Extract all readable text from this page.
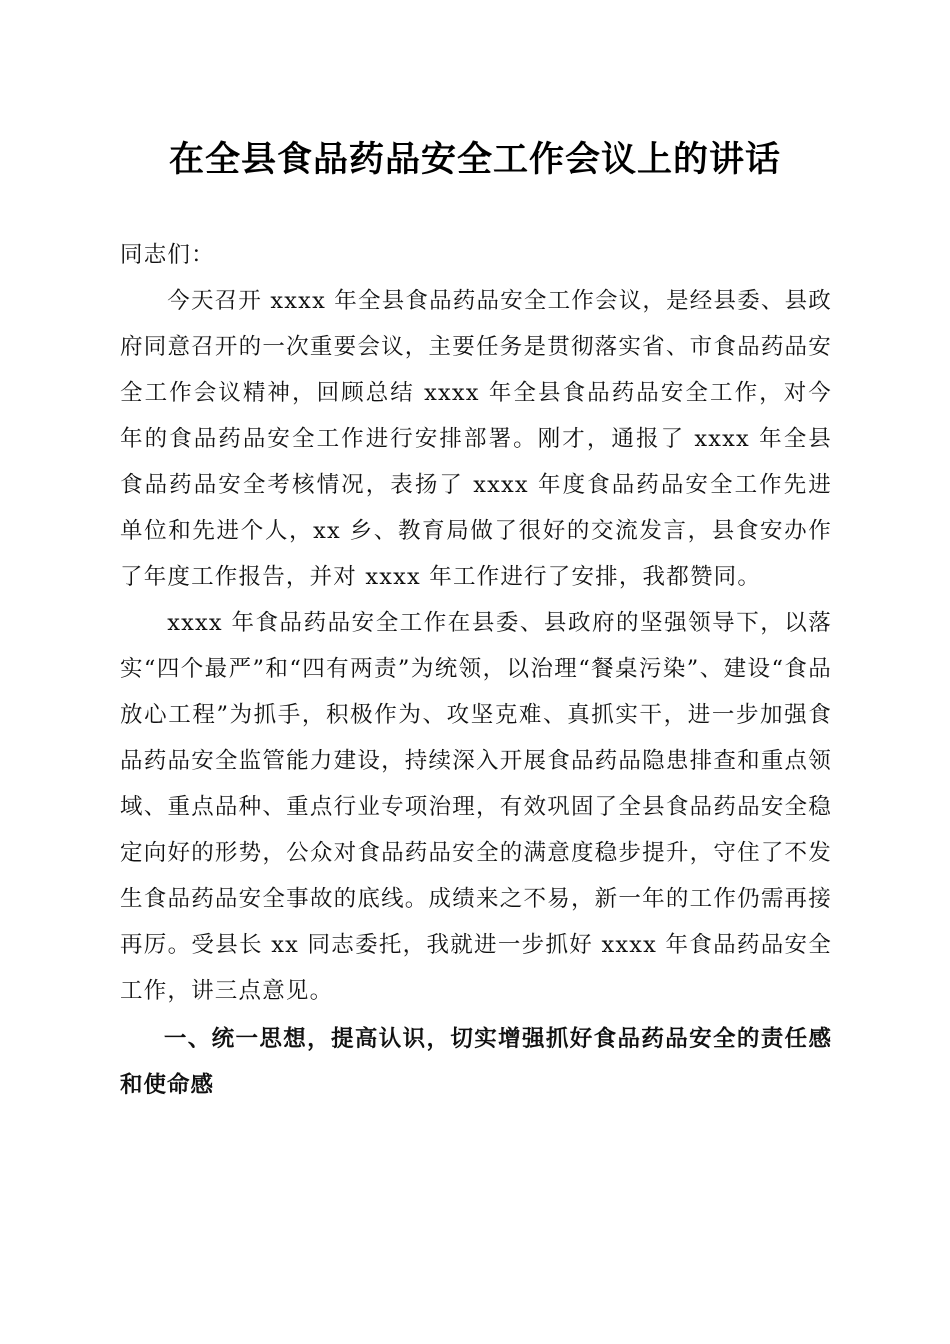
在全县食品药品安全工作会议上的讲话

同志们：

今天召开 xxxx 年全县食品药品安全工作会议，是经县委、县政府同意召开的一次重要会议，主要任务是贯彻落实省、市食品药品安全工作会议精神，回顾总结 xxxx 年全县食品药品安全工作，对今年的食品药品安全工作进行安排部署。刚才，通报了 xxxx 年全县食品药品安全考核情况，表扬了 xxxx 年度食品药品安全工作先进单位和先进个人，xx 乡、教育局做了很好的交流发言，县食安办作了年度工作报告，并对 xxxx 年工作进行了安排，我都赞同。

xxxx 年食品药品安全工作在县委、县政府的坚强领导下，以落实“四个最严”和“四有两责”为统领，以治理“餐桌污染”、建设“食品放心工程”为抓手，积极作为、攻坚克难、真抓实干，进一步加强食品药品安全监管能力建设，持续深入开展食品药品隐患排查和重点领域、重点品种、重点行业专项治理，有效巩固了全县食品药品安全稳定向好的形势，公众对食品药品安全的满意度稳步提升，守住了不发生食品药品安全事故的底线。成绩来之不易，新一年的工作仍需再接再厉。受县长 xx 同志委托，我就进一步抓好 xxxx 年食品药品安全工作，讲三点意见。

一、统一思想，提高认识，切实增强抓好食品药品安全的责任感和使命感
